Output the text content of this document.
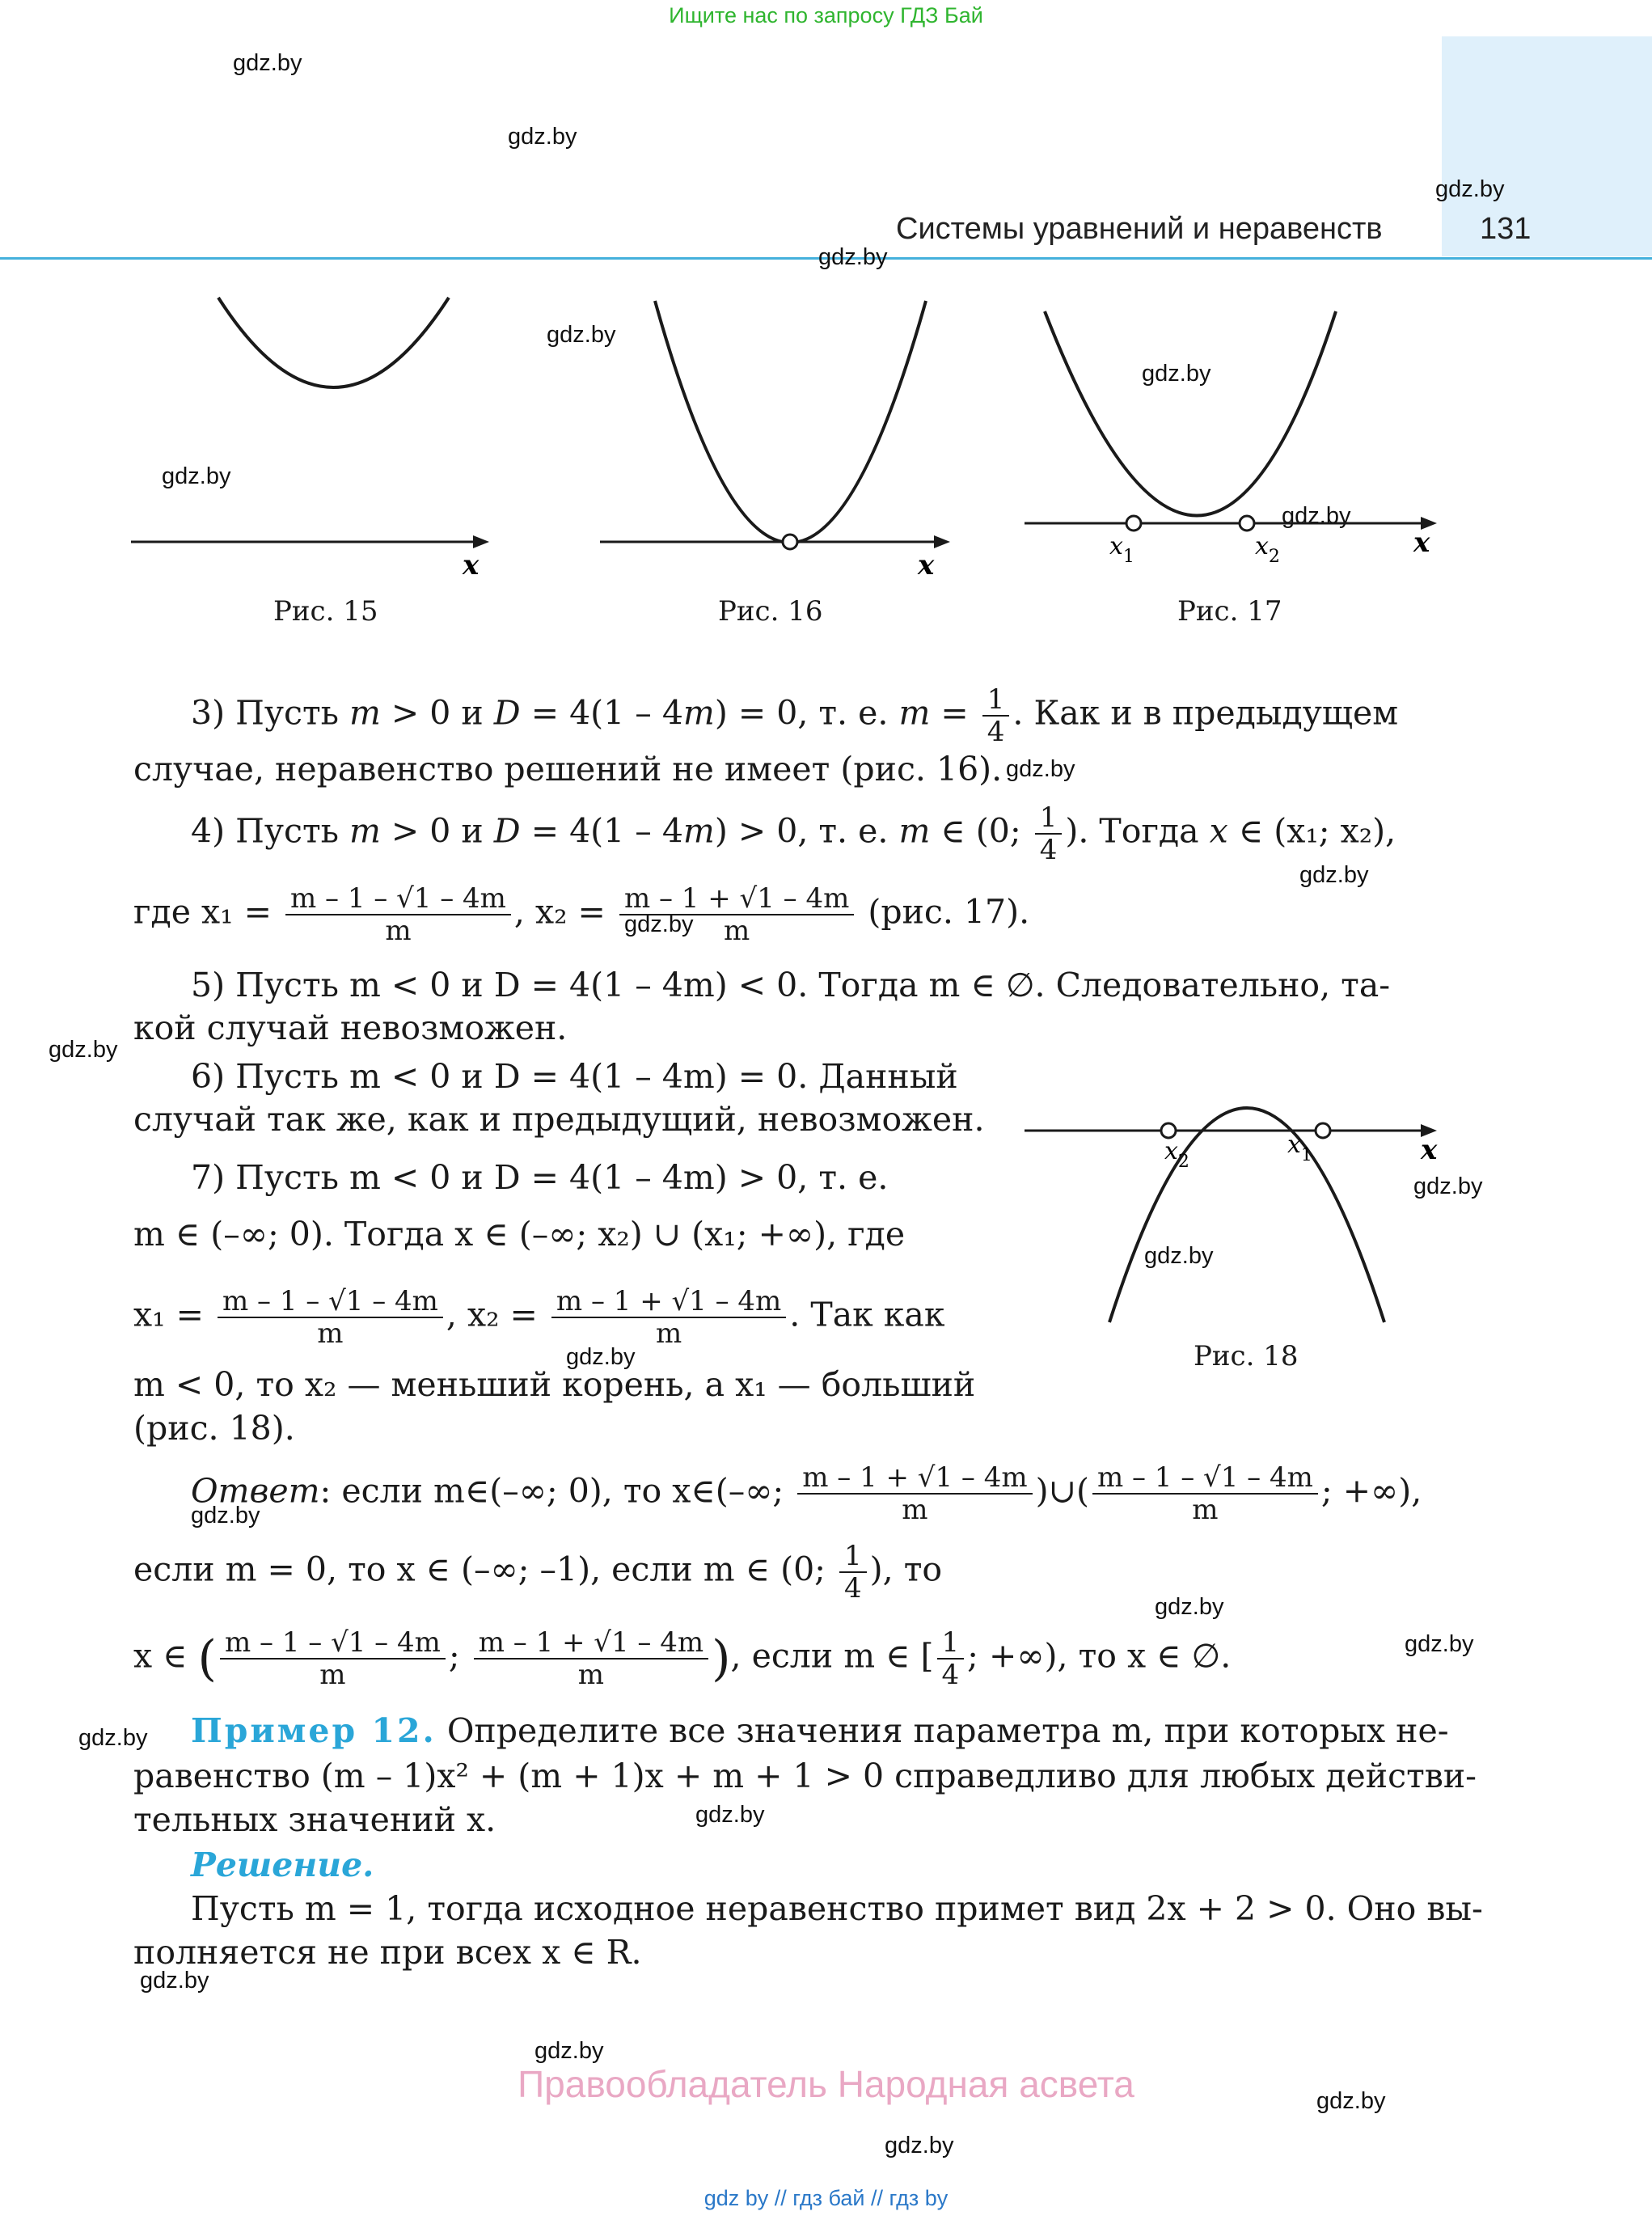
Ищите нас по запросу ГДЗ Бай
Системы уравнений и неравенств	131
gdz.by
gdz.by
gdz.by
gdz.by
gdz.by
gdz.by
gdz.by
gdz.by
gdz.by
gdz.by
gdz.by
gdz.by
gdz.by
gdz.by
gdz.by
gdz.by
gdz.by
gdz.by
gdz.by
gdz.by
gdz.by
gdz.by
gdz.by
gdz.by
x
Рис. 15
x
Рис. 16
$x_1$	$x_2$	x
Рис. 17
$x_2$
$x_1$	x
Рис. 18
3) Пусть m > 0 и D = 4(1 – 4m) = 0, т. е. $m = \frac{1}{4}$ . Как и в предыдущем
случае, неравенство решений не имеет (рис. 16).
4) Пусть m > 0 и D = 4(1 – 4m) > 0, т. е. m ∈ (0; $\frac{1}{4}$ ). Тогда x ∈ (x₁; x₂),
где $x_1 = \frac{m - 1 - √1 - 4m}{m}$ , $x_2 = \frac{m - 1 + √1 - 4m}{m} (рис$. 17).
5) Пусть m < 0 и D = 4(1 – 4m) < 0. Тогда m ∈ ∅. Следовательно, та-
кой случай невозможен.
6) Пусть m < 0 и D = 4(1 – 4m) = 0. Данный
случай так же, как и предыдущий, невозможен.
7) Пусть m < 0 и D = 4(1 – 4m) > 0, т. е.
m ∈ (–∞; 0). Тогда x ∈ (–∞; x₂) ∪ (x₁; +∞), где
$x_1 = \frac{m - 1 - √1 - 4m}{m}$ , $x_2 = \frac{m - 1 + √1 - 4m}{m}$ . Так как
m < 0, то x₂ — меньший корень, а x₁ — больший
(рис. 18).
Ответ: если m∈(–∞; 0), то x∈(–∞; $\frac{m - 1 + √1 - 4m}{m}$ )∪( $\frac{m - 1 - √1 - 4m}{m}$ ; +∞),
если m = 0, то x ∈ (–∞; –1), если m ∈ (0; $\frac{1}{4}$ ), то
x ∈ ( $\frac{m - 1 - √1 - 4m}{m}$ ; $\frac{m - 1 + √1 - 4m}{m}$ ), если m ∈ [ $\frac{1}{4}$ ; +∞), то x ∈ ∅.
Пример 12. Определите все значения параметра m, при которых не-
равенство (m – 1)x² + (m + 1)x + m + 1 > 0 справедливо для любых действи-
тельных значений x.
Решение.
Пусть m = 1, тогда исходное неравенство примет вид 2x + 2 > 0. Оно вы-
полняется не при всех x ∈ R.
Правообладатель Народная асвета
gdz by // гдз бай // гдз by
